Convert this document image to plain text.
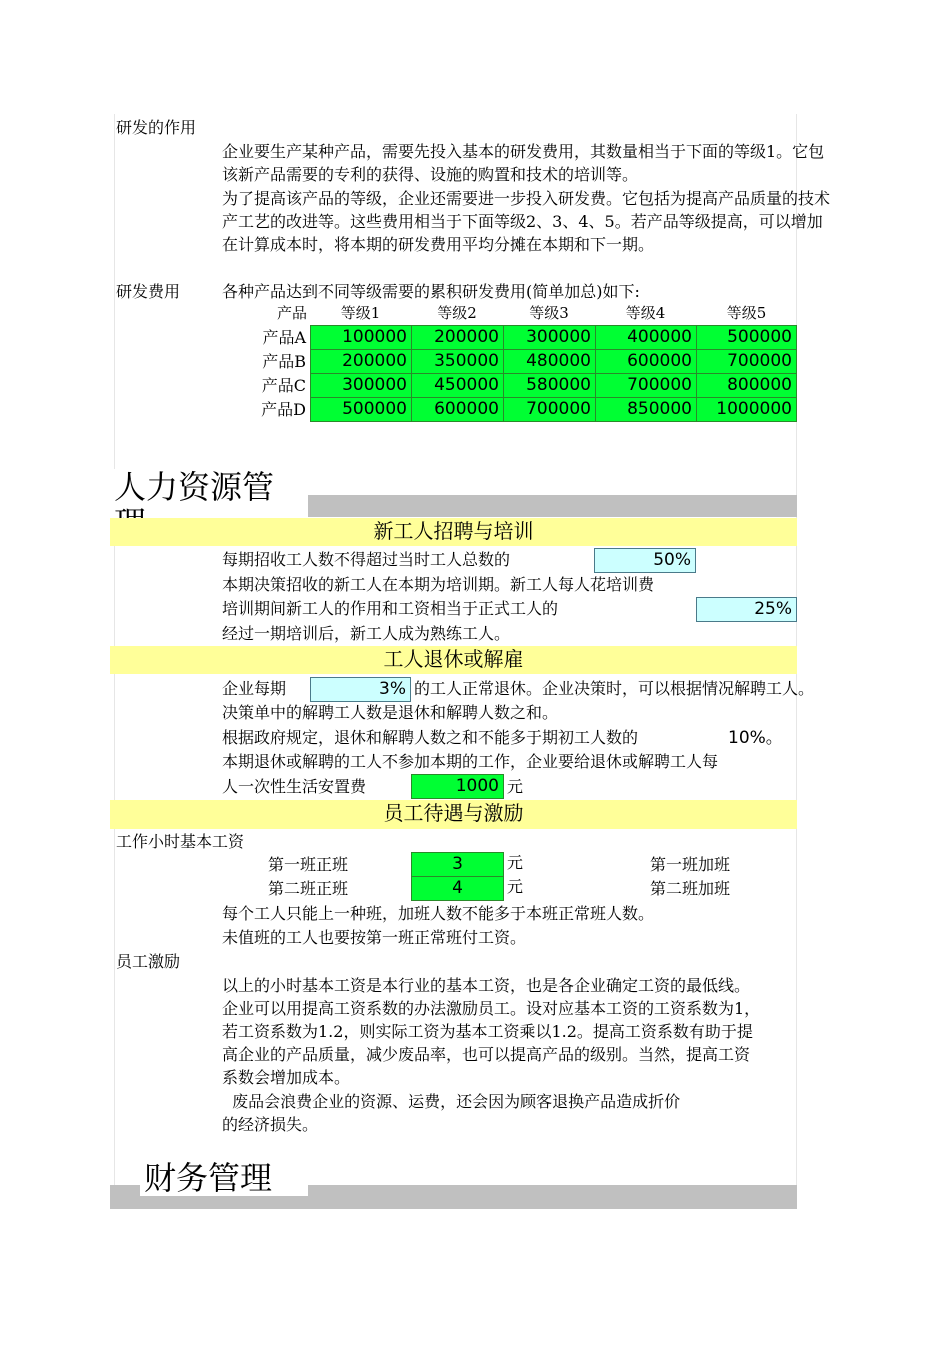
研发的作用
企业要生产某种产品，需要先投入基本的研发费用，其数量相当于下面的等级1。它包
该新产品需要的专利的获得、设施的购置和技术的培训等。
为了提高该产品的等级，企业还需要进一步投入研发费。它包括为提高产品质量的技术
产工艺的改进等。这些费用相当于下面等级2、3、4、5。若产品等级提高，可以增加
在计算成本时，将本期的研发费用平均分摊在本期和下一期。
研发费用	各种产品达到不同等级需要的累积研发费用(简单加总)如下:
产品	等级1	等级2	等级3	等级4	等级5
产品A	100000	200000	300000	400000	500000
产品B	200000	350000	480000	600000	700000
产品C	300000	450000	580000	700000	800000
产品D	500000	600000	700000	850000	1000000
人力资源管
新工人招聘与培训
每期招收工人数不得超过当时工人总数的	50%
本期决策招收的新工人在本期为培训期。新工人每人花培训费
培训期间新工人的作用和工资相当于正式工人的	25%
经过一期培训后，新工人成为熟练工人。
工人退休或解雇
企业每期	3% 的工人正常退休。企业决策时，可以根据情况解聘工人。
决策单中的解聘工人数是退休和解聘人数之和。
根据政府规定，退休和解聘人数之和不能多于期初工人数的	10%。
本期退休或解聘的工人不参加本期的工作，企业要给退休或解聘工人每
人一次性生活安置费	1000 元
员工待遇与激励
工作小时基本工资
第一班正班	3	元	第一班加班
第二班正班	4	元	第二班加班
每个工人只能上一种班，加班人数不能多于本班正常班人数。
未值班的工人也要按第一班正常班付工资。
员工激励
以上的小时基本工资是本行业的基本工资，也是各企业确定工资的最低线。
企业可以用提高工资系数的办法激励员工。设对应基本工资的工资系数为1，
若工资系数为1.2，则实际工资为基本工资乘以1.2。提高工资系数有助于提
高企业的产品质量，减少废品率，也可以提高产品的级别。当然，提高工资
系数会增加成本。
废品会浪费企业的资源、运费，还会因为顾客退换产品造成折价
的经济损失。
财务管理
